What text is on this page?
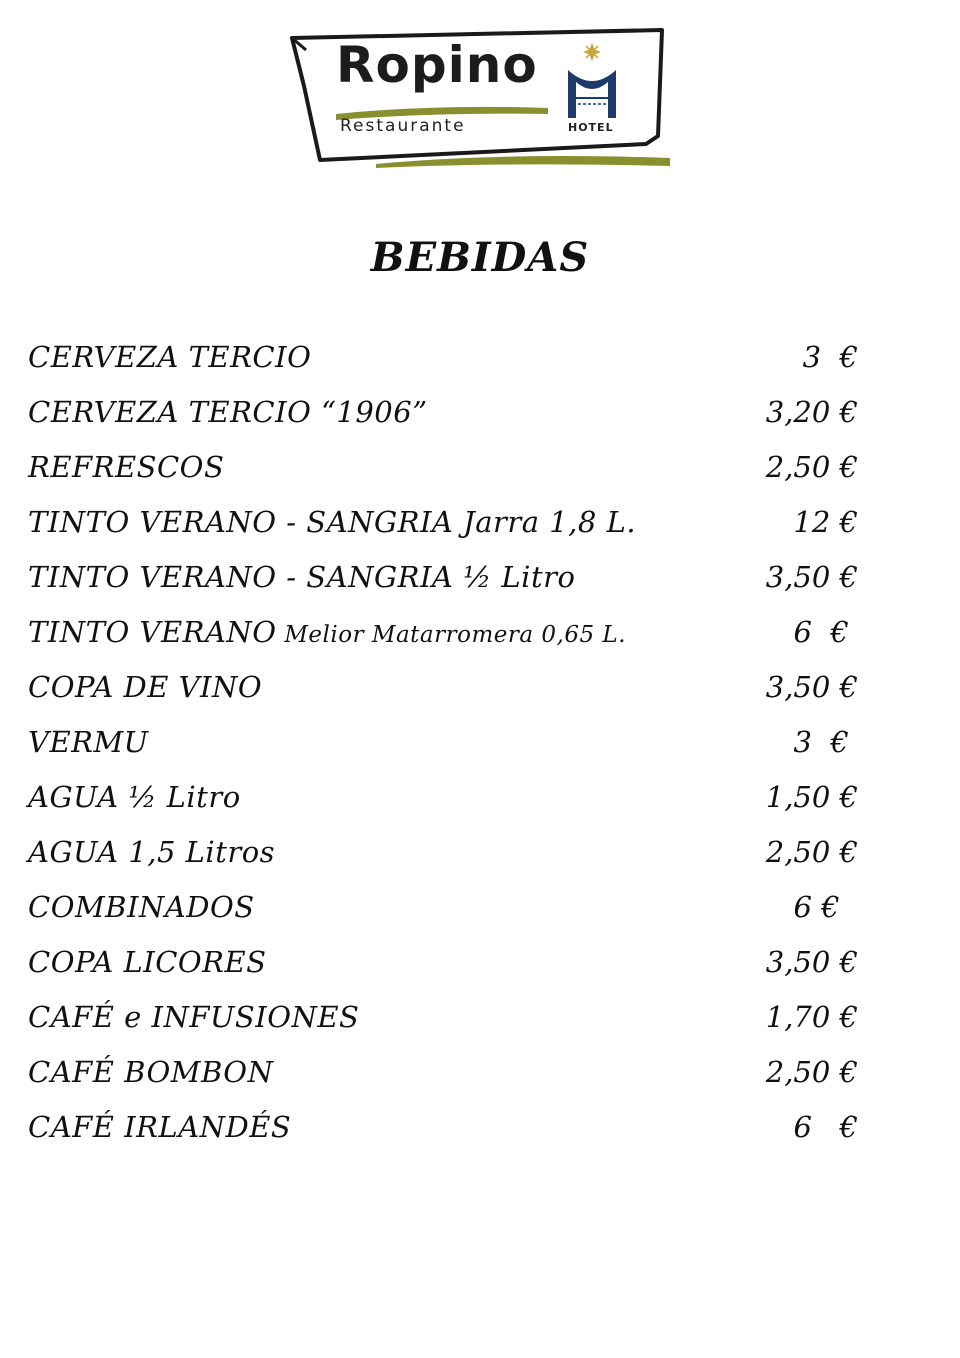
Ropino
Restaurante	HOTEL
BEBIDAS
CERVEZA TERCIO	3  €
CERVEZA TERCIO “1906”	3,20 €
REFRESCOS	2,50 €
TINTO VERANO - SANGRIA Jarra 1,8 L.	12 €
TINTO VERANO - SANGRIA ½ Litro	3,50 €
TINTO VERANO Melior Matarromera 0,65 L.	6  €
COPA DE VINO	3,50 €
VERMU	3  €
AGUA ½ Litro	1,50 €
AGUA 1,5 Litros	2,50 €
COMBINADOS	6 €
COPA LICORES	3,50 €
CAFÉ e INFUSIONES	1,70 €
CAFÉ BOMBON	2,50 €
CAFÉ IRLANDÉS	6   €
